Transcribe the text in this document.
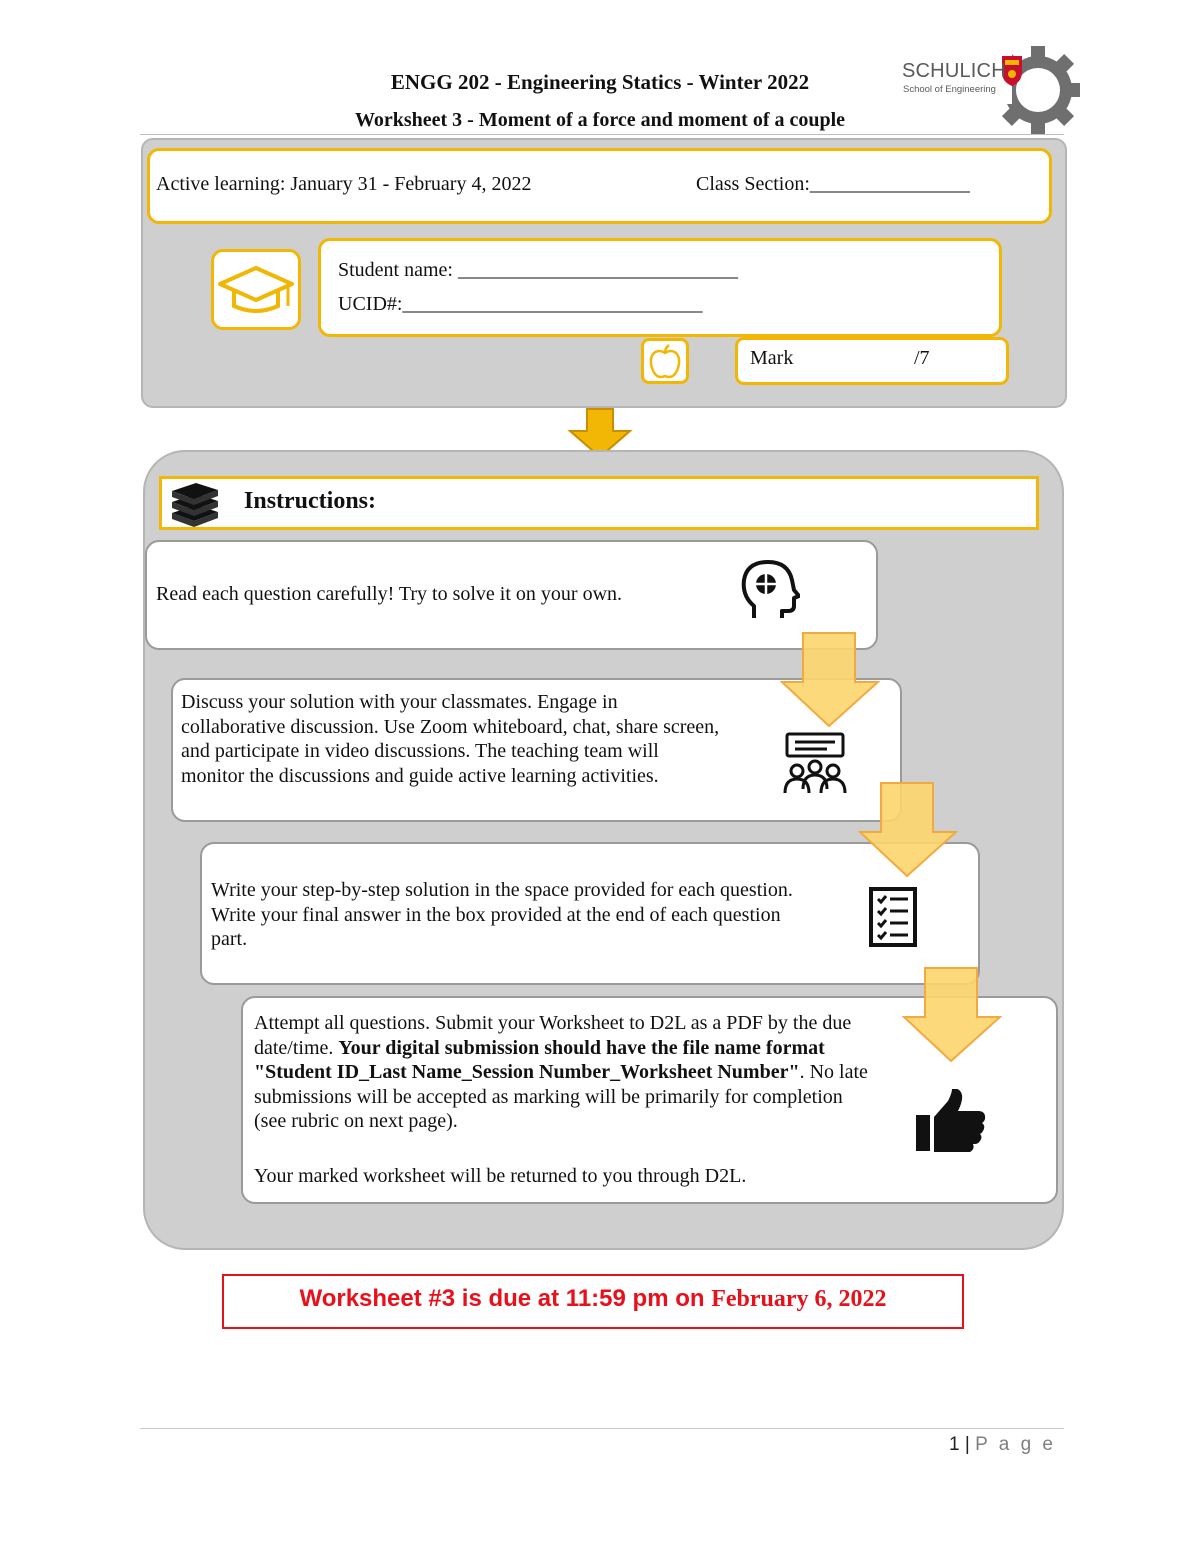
ENGG 202 - Engineering Statics - Winter 2022
Worksheet 3 - Moment of a force and moment of a couple
SCHULICH
School of Engineering
Active learning: January 31 - February 4, 2022	Class Section:________________
Student name: ____________________________
UCID#:______________________________
Mark	/7
Instructions:
Read each question carefully! Try to solve it on your own.
Discuss your solution with your classmates. Engage in collaborative discussion. Use Zoom whiteboard, chat, share screen, and participate in video discussions. The teaching team will monitor the discussions and guide active learning activities.
Write your step-by-step solution in the space provided for each question. Write your final answer in the box provided at the end of each question part.
Attempt all questions. Submit your Worksheet to D2L as a PDF by the due date/time. Your digital submission should have the file name format "Student ID_Last Name_Session Number_Worksheet Number". No late submissions will be accepted as marking will be primarily for completion (see rubric on next page).
Your marked worksheet will be returned to you through D2L.
Worksheet #3 is due at 11:59 pm on February 6, 2022
1 | P a g e
